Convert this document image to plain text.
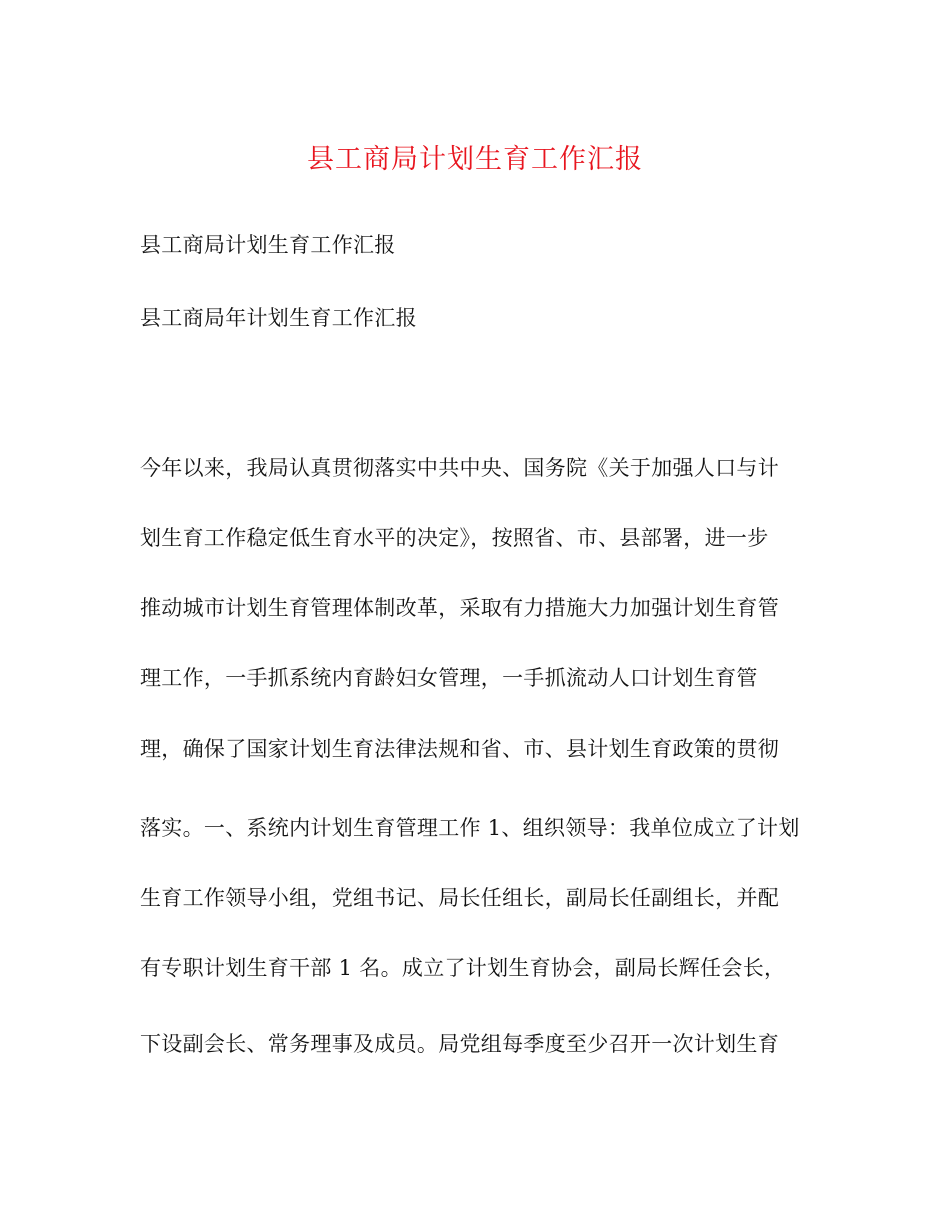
县工商局计划生育工作汇报
县工商局计划生育工作汇报
县工商局年计划生育工作汇报
今年以来，我局认真贯彻落实中共中央、国务院《关于加强人口与计
划生育工作稳定低生育水平的决定》，按照省、市、县部署，进一步
推动城市计划生育管理体制改革，采取有力措施大力加强计划生育管
理工作，一手抓系统内育龄妇女管理，一手抓流动人口计划生育管
理，确保了国家计划生育法律法规和省、市、县计划生育政策的贯彻
落实。一、系统内计划生育管理工作 1、组织领导：我单位成立了计划
生育工作领导小组，党组书记、局长任组长，副局长任副组长，并配
有专职计划生育干部 1 名。成立了计划生育协会，副局长辉任会长，
下设副会长、常务理事及成员。局党组每季度至少召开一次计划生育
